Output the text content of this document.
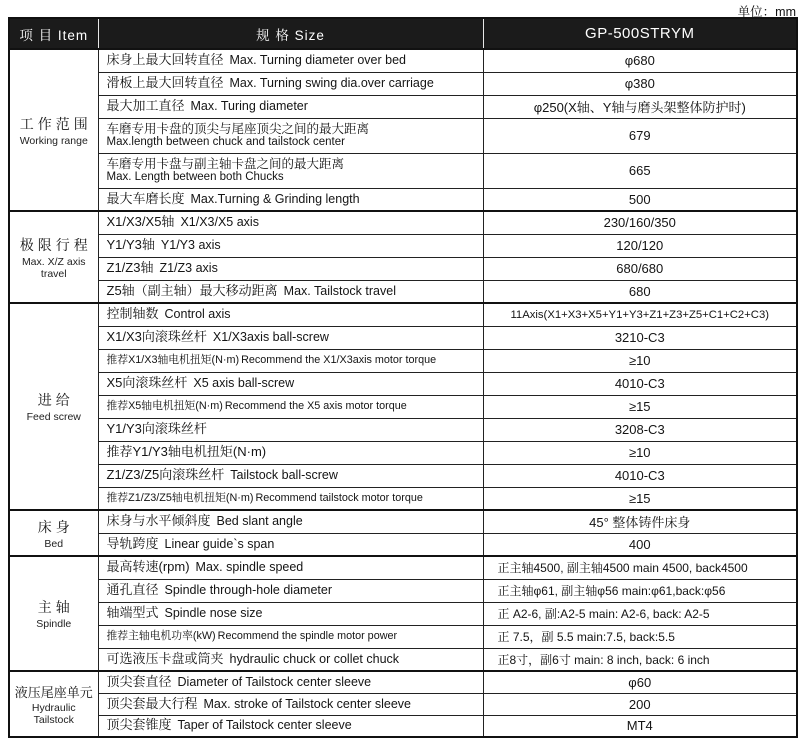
单位：mm
项 目 Item	规 格 Size	GP-500STRYM

工作范围
Working range	床身上最大回转直径 Max. Turning diameter over bed	φ680
	滑板上最大回转直径 Max. Turning swing dia.over carriage	φ380
	最大加工直径 Max. Turing diameter	φ250(X轴、Y轴与磨头架整体防护时)

	车磨专用卡盘的顶尖与尾座顶尖之间的最大距离
Max.length between chuck and tailstock center	679

	车磨专用卡盘与副主轴卡盘之间的最大距离
Max. Length between both Chucks	665
	最大车磨长度 Max.Turning & Grinding length	500

极限行程
Max. X/Z axis travel	X1/X3/X5轴 X1/X3/X5 axis	230/160/350
	Y1/Y3轴 Y1/Y3 axis	120/120
	Z1/Z3轴 Z1/Z3 axis	680/680
	Z5轴（副主轴）最大移动距离 Max. Tailstock travel	680

进给
Feed screw	控制轴数 Control axis	11Axis(X1+X3+X5+Y1+Y3+Z1+Z3+Z5+C1+C2+C3)
	X1/X3向滚珠丝杆 X1/X3axis ball-screw	3210-C3
	推荐X1/X3轴电机扭矩(N·m) Recommend the X1/X3axis motor torque	≥10
	X5向滚珠丝杆 X5 axis ball-screw	4010-C3
	推荐X5轴电机扭矩(N·m) Recommend the X5 axis motor torque	≥15
	Y1/Y3向滚珠丝杆	3208-C3
	推荐Y1/Y3轴电机扭矩(N·m)	≥10
	Z1/Z3/Z5向滚珠丝杆 Tailstock ball-screw	4010-C3
	推荐Z1/Z3/Z5轴电机扭矩(N·m) Recommend tailstock motor torque	≥15

床身
Bed	床身与水平倾斜度 Bed slant angle	45° 整体铸件床身
	导轨跨度 Linear guide`s span	400

主轴
Spindle	最高转速(rpm) Max. spindle speed	正主轴4500, 副主轴4500 main 4500, back4500
	通孔直径 Spindle through-hole diameter	正主轴φ61, 副主轴φ56 main:φ61,back:φ56
	轴端型式 Spindle nose size	正 A2-6, 副:A2-5 main: A2-6, back: A2-5
	推荐主轴电机功率(kW) Recommend the spindle motor power	正 7.5，副 5.5 main:7.5, back:5.5
	可选液压卡盘或筒夹 hydraulic chuck or collet chuck	正8寸，副6寸 main: 8 inch, back: 6 inch

液压尾座单元
Hydraulic Tailstock	顶尖套直径 Diameter of Tailstock center sleeve	φ60
	顶尖套最大行程 Max. stroke of Tailstock center sleeve	200
	顶尖套锥度 Taper of Tailstock center sleeve	MT4
